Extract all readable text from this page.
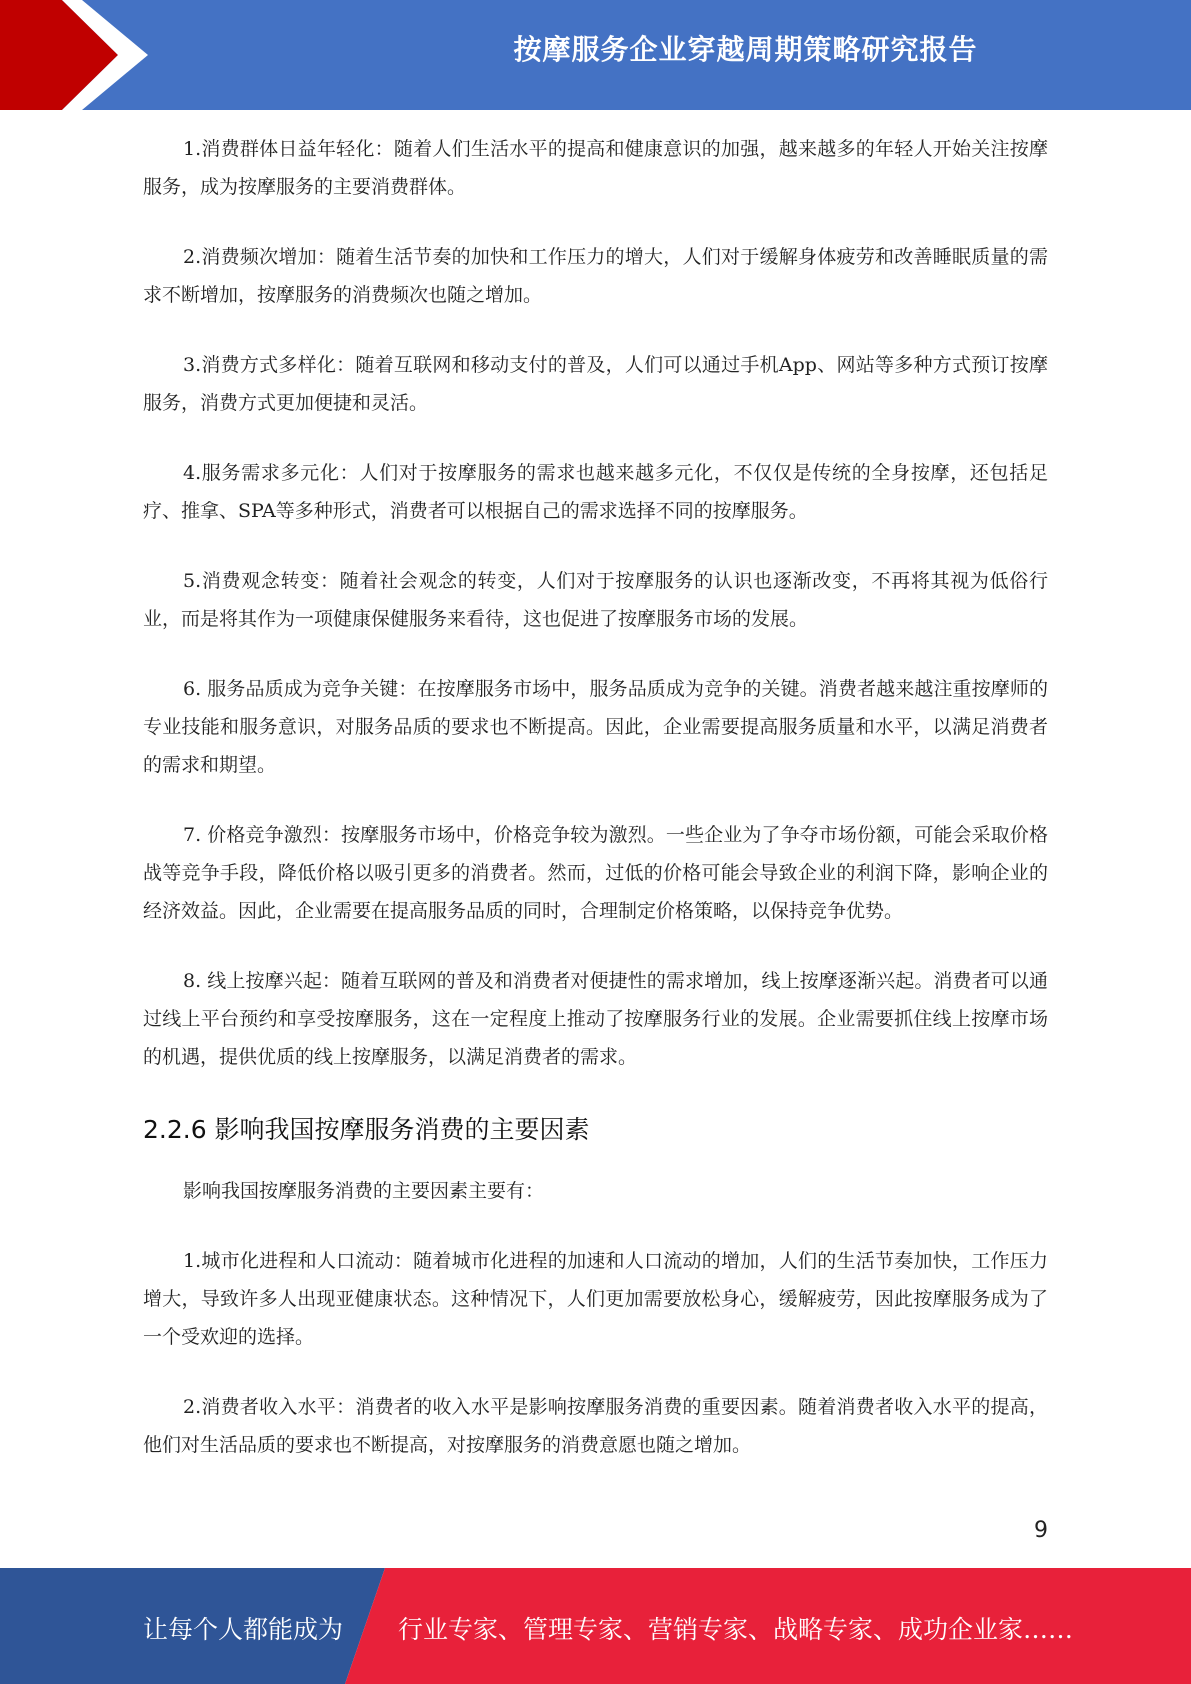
按摩服务企业穿越周期策略研究报告

1.消费群体日益年轻化：随着人们生活水平的提高和健康意识的加强，越来越多的年轻人开始关注按摩服务，成为按摩服务的主要消费群体。

2.消费频次增加：随着生活节奏的加快和工作压力的增大，人们对于缓解身体疲劳和改善睡眠质量的需求不断增加，按摩服务的消费频次也随之增加。

3.消费方式多样化：随着互联网和移动支付的普及，人们可以通过手机App、网站等多种方式预订按摩服务，消费方式更加便捷和灵活。

4.服务需求多元化：人们对于按摩服务的需求也越来越多元化，不仅仅是传统的全身按摩，还包括足疗、推拿、SPA等多种形式，消费者可以根据自己的需求选择不同的按摩服务。

5.消费观念转变：随着社会观念的转变，人们对于按摩服务的认识也逐渐改变，不再将其视为低俗行业，而是将其作为一项健康保健服务来看待，这也促进了按摩服务市场的发展。

6. 服务品质成为竞争关键：在按摩服务市场中，服务品质成为竞争的关键。消费者越来越注重按摩师的专业技能和服务意识，对服务品质的要求也不断提高。因此，企业需要提高服务质量和水平，以满足消费者的需求和期望。

7. 价格竞争激烈：按摩服务市场中，价格竞争较为激烈。一些企业为了争夺市场份额，可能会采取价格战等竞争手段，降低价格以吸引更多的消费者。然而，过低的价格可能会导致企业的利润下降，影响企业的经济效益。因此，企业需要在提高服务品质的同时，合理制定价格策略，以保持竞争优势。

8. 线上按摩兴起：随着互联网的普及和消费者对便捷性的需求增加，线上按摩逐渐兴起。消费者可以通过线上平台预约和享受按摩服务，这在一定程度上推动了按摩服务行业的发展。企业需要抓住线上按摩市场的机遇，提供优质的线上按摩服务，以满足消费者的需求。

2.2.6 影响我国按摩服务消费的主要因素

影响我国按摩服务消费的主要因素主要有：

1.城市化进程和人口流动：随着城市化进程的加速和人口流动的增加，人们的生活节奏加快，工作压力增大，导致许多人出现亚健康状态。这种情况下，人们更加需要放松身心，缓解疲劳，因此按摩服务成为了一个受欢迎的选择。

2.消费者收入水平：消费者的收入水平是影响按摩服务消费的重要因素。随着消费者收入水平的提高，他们对生活品质的要求也不断提高，对按摩服务的消费意愿也随之增加。

9
让每个人都能成为 行业专家、管理专家、营销专家、战略专家、成功企业家……
